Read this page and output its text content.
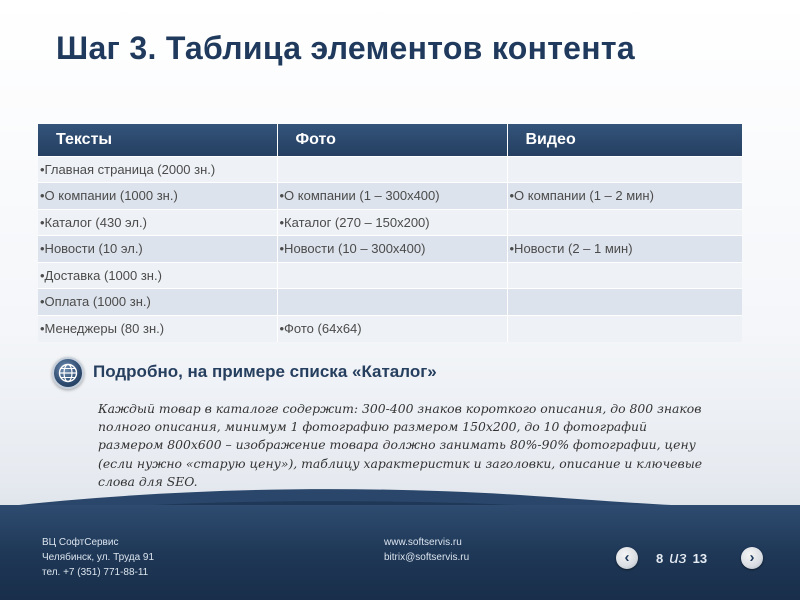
Шаг 3. Таблица элементов контента
Тексты	Фото	Видео
•Главная страница (2000 зн.)		
•О компании (1000 зн.)	•О компании (1 – 300x400)	•О компании (1 – 2 мин)
•Каталог (430 эл.)	•Каталог (270 – 150x200)	
•Новости (10 эл.)	•Новости (10 – 300x400)	•Новости (2 – 1 мин)
•Доставка (1000 зн.)		
•Оплата (1000 зн.)		
•Менеджеры (80 зн.)	•Фото (64x64)	
Подробно, на примере списка «Каталог»
Каждый товар в каталоге содержит: 300-400 знаков короткого описания, до 800 знаков полного описания, минимум 1 фотографию размером 150x200, до 10 фотографий размером 800x600 – изображение товара должно занимать 80%-90% фотографии, цену (если нужно «старую цену»), таблицу характеристик и заголовки, описание и ключевые слова для SEO.
ВЦ СофтСервис
Челябинск, ул. Труда 91
тел. +7 (351) 771-88-11
www.softservis.ru
bitrix@softservis.ru	‹	8 из 13	›
